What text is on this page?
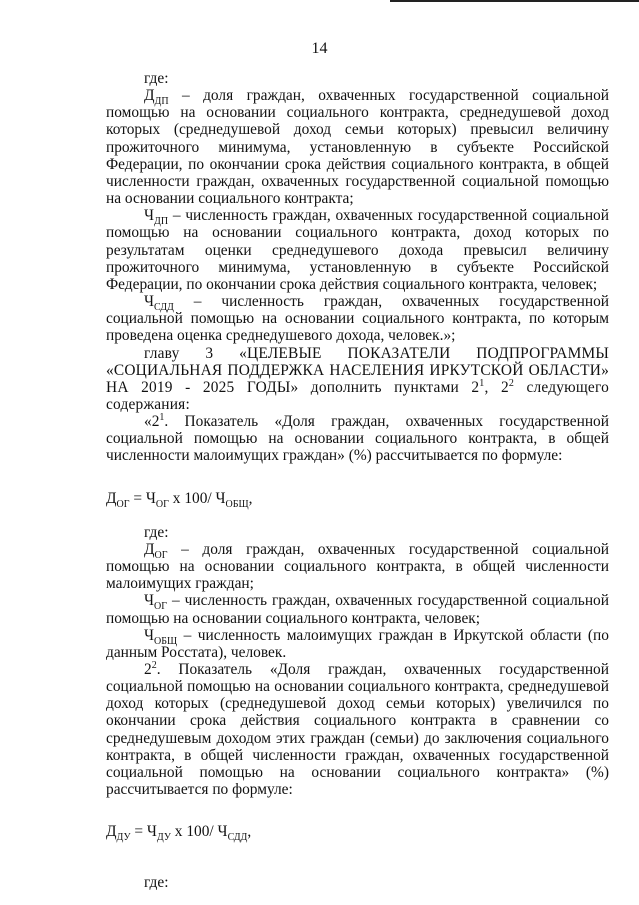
14

где:

$Д_{ДП}$ – доля граждан, охваченных государственной социальной помощью на основании социального контракта, среднедушевой доход которых (среднедушевой доход семьи которых) превысил величину прожиточного минимума, установленную в субъекте Российской Федерации, по окончании срока действия социального контракта, в общей численности граждан, охваченных государственной социальной помощью на основании социального контракта;

$Ч_{ДП}$ – численность граждан, охваченных государственной социальной помощью на основании социального контракта, доход которых по результатам оценки среднедушевого дохода превысил величину прожиточного минимума, установленную в субъекте Российской Федерации, по окончании срока действия социального контракта, человек;

$Ч_{СДД}$ – численность граждан, охваченных государственной социальной помощью на основании социального контракта, по которым проведена оценка среднедушевого дохода, человек.»;

главу 3 «ЦЕЛЕВЫЕ ПОКАЗАТЕЛИ ПОДПРОГРАММЫ «СОЦИАЛЬНАЯ ПОДДЕРЖКА НАСЕЛЕНИЯ ИРКУТСКОЙ ОБЛАСТИ» НА 2019 - 2025 ГОДЫ» дополнить пунктами $2^1$, $2^2$ следующего содержания:

«$2^1$. Показатель «Доля граждан, охваченных государственной социальной помощью на основании социального контракта, в общей численности малоимущих граждан» (%) рассчитывается по формуле:

$Д_{ОГ} = Ч_{ОГ}$ х 100/ $Ч_{ОБЩ}$,

где:

$Д_{ОГ}$ – доля граждан, охваченных государственной социальной помощью на основании социального контракта, в общей численности малоимущих граждан;

$Ч_{ОГ}$ – численность граждан, охваченных государственной социальной помощью на основании социального контракта, человек;

$Ч_{ОБЩ}$ – численность малоимущих граждан в Иркутской области (по данным Росстата), человек.

$2^2$. Показатель «Доля граждан, охваченных государственной социальной помощью на основании социального контракта, среднедушевой доход которых (среднедушевой доход семьи которых) увеличился по окончании срока действия социального контракта в сравнении со среднедушевым доходом этих граждан (семьи) до заключения социального контракта, в общей численности граждан, охваченных государственной социальной помощью на основании социального контракта» (%) рассчитывается по формуле:

$Д_{ДУ} = Ч_{ДУ}$ х 100/ $Ч_{СДД}$,

где:
